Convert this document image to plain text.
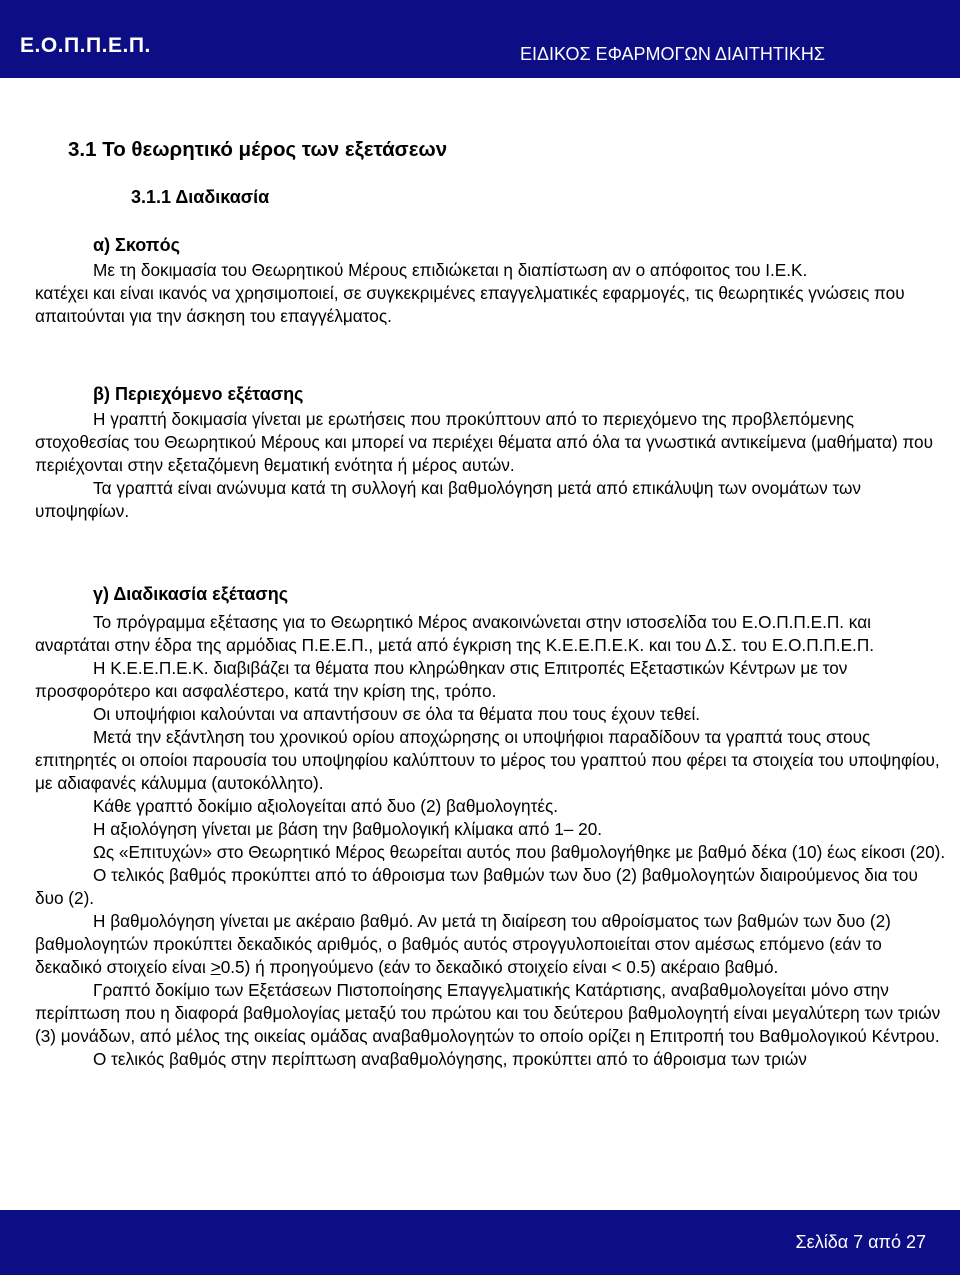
Ε.Ο.Π.Π.Ε.Π.	ΕΙΔΙΚΟΣ ΕΦΑΡΜΟΓΩΝ ΔΙΑΙΤΗΤΙΚΗΣ
3.1 Το θεωρητικό μέρος των εξετάσεων
3.1.1 Διαδικασία
α) Σκοπός
Με τη δοκιμασία του Θεωρητικού Μέρους επιδιώκεται η διαπίστωση αν ο απόφοιτος του Ι.Ε.Κ.

κατέχει και είναι ικανός να χρησιμοποιεί, σε συγκεκριμένες επαγγελματικές εφαρμογές, τις θεωρητικές γνώσεις που απαιτούνται για την άσκηση του επαγγέλματος.

β) Περιεχόμενο εξέτασης

Η γραπτή δοκιμασία γίνεται με ερωτήσεις που προκύπτουν από το περιεχόμενο της προβλεπόμενης στοχοθεσίας του Θεωρητικού Μέρους και μπορεί να περιέχει θέματα από όλα τα γνωστικά αντικείμενα (μαθήματα) που περιέχονται στην εξεταζόμενη θεματική ενότητα ή μέρος αυτών.

Τα γραπτά είναι ανώνυμα κατά τη συλλογή και βαθμολόγηση μετά από επικάλυψη των ονομάτων των υποψηφίων.

γ) Διαδικασία εξέτασης

Το πρόγραμμα εξέτασης για το Θεωρητικό Μέρος ανακοινώνεται στην ιστοσελίδα του Ε.Ο.Π.Π.Ε.Π. και αναρτάται στην έδρα της αρμόδιας Π.Ε.Ε.Π., μετά από έγκριση της Κ.Ε.Ε.Π.Ε.Κ. και του Δ.Σ. του Ε.Ο.Π.Π.Ε.Π.

Η Κ.Ε.Ε.Π.Ε.Κ. διαβιβάζει τα θέματα που κληρώθηκαν στις Επιτροπές Εξεταστικών Κέντρων με τον προσφορότερο και ασφαλέστερο, κατά την κρίση της, τρόπο.

Οι υποψήφιοι καλούνται να απαντήσουν σε όλα τα θέματα που τους έχουν τεθεί.

Μετά την εξάντληση του χρονικού ορίου αποχώρησης οι υποψήφιοι παραδίδουν τα γραπτά τους στους επιτηρητές οι οποίοι παρουσία του υποψηφίου καλύπτουν το μέρος του γραπτού που φέρει τα στοιχεία του υποψηφίου, με αδιαφανές κάλυμμα (αυτοκόλλητο).

Κάθε γραπτό δοκίμιο αξιολογείται από δυο (2) βαθμολογητές.

Η αξιολόγηση γίνεται με βάση την βαθμολογική κλίμακα από 1– 20.

Ως «Επιτυχών» στο Θεωρητικό Μέρος θεωρείται αυτός που βαθμολογήθηκε με βαθμό δέκα (10) έως είκοσι (20).

Ο τελικός βαθμός προκύπτει από το άθροισμα των βαθμών των δυο (2) βαθμολογητών διαιρούμενος δια του δυο (2).

Η βαθμολόγηση γίνεται με ακέραιο βαθμό. Αν μετά τη διαίρεση του αθροίσματος των βαθμών των δυο (2) βαθμολογητών προκύπτει δεκαδικός αριθμός, ο βαθμός αυτός στρογγυλοποιείται στον αμέσως επόμενο (εάν το δεκαδικό στοιχείο είναι >0.5) ή προηγούμενο (εάν το δεκαδικό στοιχείο είναι < 0.5) ακέραιο βαθμό.

Γραπτό δοκίμιο των Εξετάσεων Πιστοποίησης Επαγγελματικής Κατάρτισης, αναβαθμολογείται μόνο στην περίπτωση που η διαφορά βαθμολογίας μεταξύ του πρώτου και του δεύτερου βαθμολογητή είναι μεγαλύτερη των τριών (3) μονάδων, από μέλος της οικείας ομάδας αναβαθμολογητών το οποίο ορίζει η Επιτροπή του Βαθμολογικού Κέντρου.

Ο τελικός βαθμός στην περίπτωση αναβαθμολόγησης, προκύπτει από το άθροισμα των τριών

Σελίδα 7 από 27
